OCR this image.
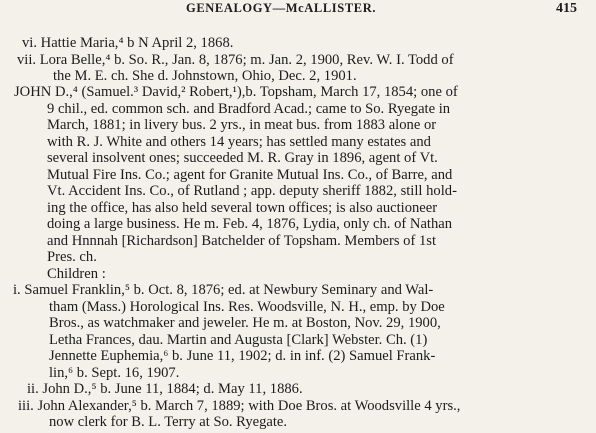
GENEALOGY—McALLISTER.	415
vi. Hattie Maria,⁴ b N April 2, 1868.
vii. Lora Belle,⁴ b. So. R., Jan. 8, 1876; m. Jan. 2, 1900, Rev. W. I. Todd of
the M. E. ch. She d. Johnstown, Ohio, Dec. 2, 1901.
JOHN D.,⁴ (Samuel.³ David,² Robert,¹),b. Topsham, March 17, 1854; one of
9 chil., ed. common sch. and Bradford Acad.; came to So. Ryegate in
March, 1881; in livery bus. 2 yrs., in meat bus. from 1883 alone or
with R. J. White and others 14 years; has settled many estates and
several insolvent ones; succeeded M. R. Gray in 1896, agent of Vt.
Mutual Fire Ins. Co.; agent for Granite Mutual Ins. Co., of Barre, and
Vt. Accident Ins. Co., of Rutland ; app. deputy sheriff 1882, still hold-
ing the office, has also held several town offices; is also auctioneer
doing a large business. He m. Feb. 4, 1876, Lydia, only ch. of Nathan
and Hnnnah [Richardson] Batchelder of Topsham. Members of 1st
Pres. ch.
Children :
i. Samuel Franklin,⁵ b. Oct. 8, 1876; ed. at Newbury Seminary and Wal-
tham (Mass.) Horological Ins. Res. Woodsville, N. H., emp. by Doe
Bros., as watchmaker and jeweler. He m. at Boston, Nov. 29, 1900,
Letha Frances, dau. Martin and Augusta [Clark] Webster. Ch. (1)
Jennette Euphemia,⁶ b. June 11, 1902; d. in inf. (2) Samuel Frank-
lin,⁶ b. Sept. 16, 1907.
ii. John D.,⁵ b. June 11, 1884; d. May 11, 1886.
iii. John Alexander,⁵ b. March 7, 1889; with Doe Bros. at Woodsville 4 yrs.,
now clerk for B. L. Terry at So. Ryegate.
